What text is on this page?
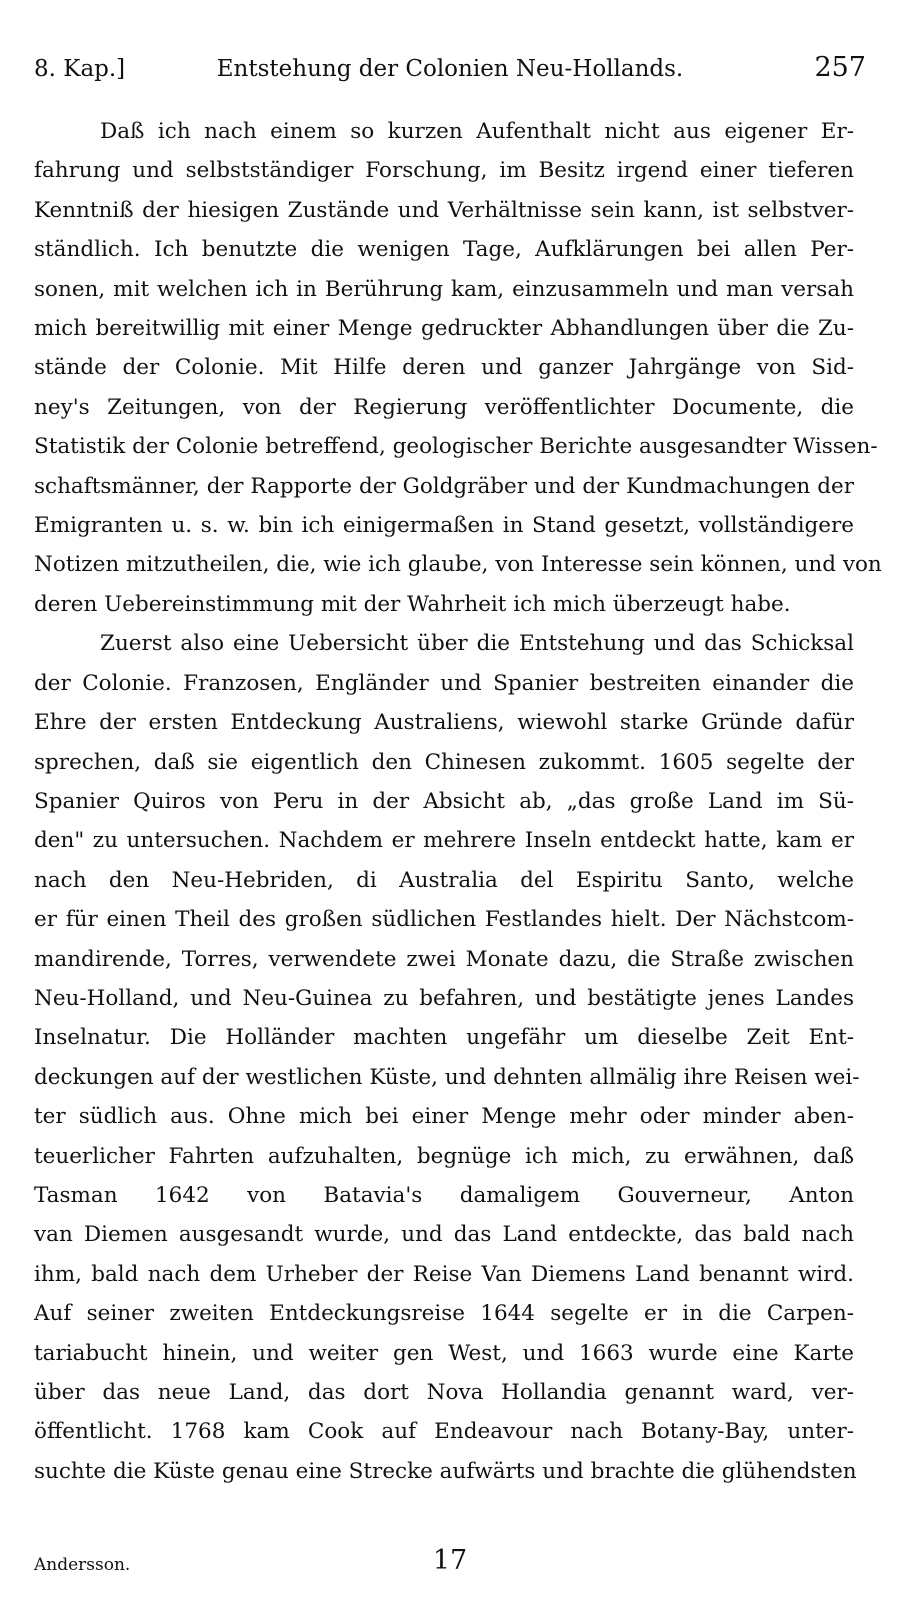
8. Kap.]	Entstehung der Colonien Neu-Hollands.	257
Daß ich nach einem so kurzen Aufenthalt nicht aus eigener Er-
fahrung und selbstständiger Forschung, im Besitz irgend einer tieferen
Kenntniß der hiesigen Zustände und Verhältnisse sein kann, ist selbstver-
ständlich. Ich benutzte die wenigen Tage, Aufklärungen bei allen Per-
sonen, mit welchen ich in Berührung kam, einzusammeln und man versah
mich bereitwillig mit einer Menge gedruckter Abhandlungen über die Zu-
stände der Colonie. Mit Hilfe deren und ganzer Jahrgänge von Sid-
ney's Zeitungen, von der Regierung veröffentlichter Documente, die
Statistik der Colonie betreffend, geologischer Berichte ausgesandter Wissen-
schaftsmänner, der Rapporte der Goldgräber und der Kundmachungen der
Emigranten u. s. w. bin ich einigermaßen in Stand gesetzt, vollständigere
Notizen mitzutheilen, die, wie ich glaube, von Interesse sein können, und von
deren Uebereinstimmung mit der Wahrheit ich mich überzeugt habe.
Zuerst also eine Uebersicht über die Entstehung und das Schicksal
der Colonie. Franzosen, Engländer und Spanier bestreiten einander die
Ehre der ersten Entdeckung Australiens, wiewohl starke Gründe dafür
sprechen, daß sie eigentlich den Chinesen zukommt. 1605 segelte der
Spanier Quiros von Peru in der Absicht ab, „das große Land im Sü-
den" zu untersuchen. Nachdem er mehrere Inseln entdeckt hatte, kam er
nach den Neu-Hebriden, di Australia del Espiritu Santo, welche
er für einen Theil des großen südlichen Festlandes hielt. Der Nächstcom-
mandirende, Torres, verwendete zwei Monate dazu, die Straße zwischen
Neu-Holland, und Neu-Guinea zu befahren, und bestätigte jenes Landes
Inselnatur. Die Holländer machten ungefähr um dieselbe Zeit Ent-
deckungen auf der westlichen Küste, und dehnten allmälig ihre Reisen wei-
ter südlich aus. Ohne mich bei einer Menge mehr oder minder aben-
teuerlicher Fahrten aufzuhalten, begnüge ich mich, zu erwähnen, daß
Tasman 1642 von Batavia's damaligem Gouverneur, Anton
van Diemen ausgesandt wurde, und das Land entdeckte, das bald nach
ihm, bald nach dem Urheber der Reise Van Diemens Land benannt wird.
Auf seiner zweiten Entdeckungsreise 1644 segelte er in die Carpen-
tariabucht hinein, und weiter gen West, und 1663 wurde eine Karte
über das neue Land, das dort Nova Hollandia genannt ward, ver-
öffentlicht. 1768 kam Cook auf Endeavour nach Botany-Bay, unter-
suchte die Küste genau eine Strecke aufwärts und brachte die glühendsten
Andersson.	17
